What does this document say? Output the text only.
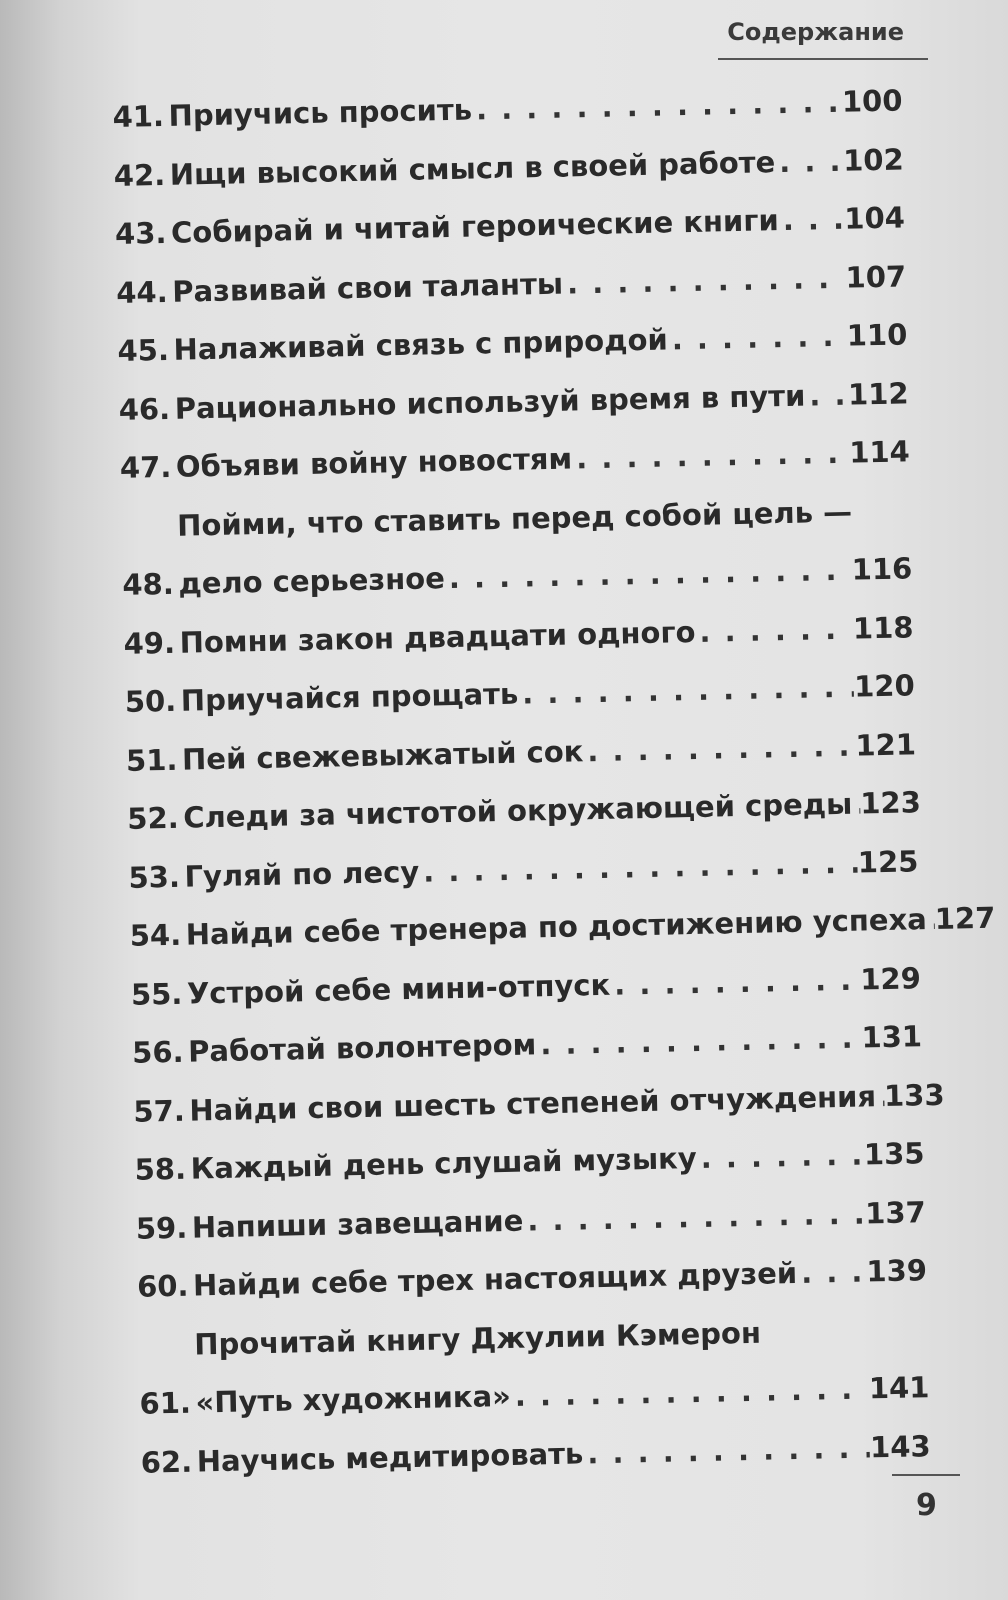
Содержание
41. Приучись просить . . .	100
42. Ищи высокий смысл в своей работе . . . 102
43. Собирай и читай героические книги . . . 104
44. Развивай свои таланты . . .	107
45. Налаживай связь с природой . . .	110
46. Рационально используй время в пути . . . 112
47. Объяви войну новостям . . .	114
48.
Пойми, что ставить перед собой цель —
дело серьезное . . .	116
49. Помни закон двадцати одного . . .	118
50. Приучайся прощать . . .	120
51. Пей свежевыжатый сок . . .	121
52. Следи за чистотой окружающей среды . . . 123
53. Гуляй по лесу . . .	125
54. Найди себе тренера по достижению успеха . . . 127
55. Устрой себе мини-отпуск . . .	129
56. Работай волонтером . . .	131
57. Найди свои шесть степеней отчуждения . . . 133
58. Каждый день слушай музыку . . .	135
59. Напиши завещание . . .	137
60. Найди себе трех настоящих друзей . . . 139
61.
Прочитай книгу Джулии Кэмерон
«Путь художника» . . .	141
62. Научись медитировать . . .	143
9
